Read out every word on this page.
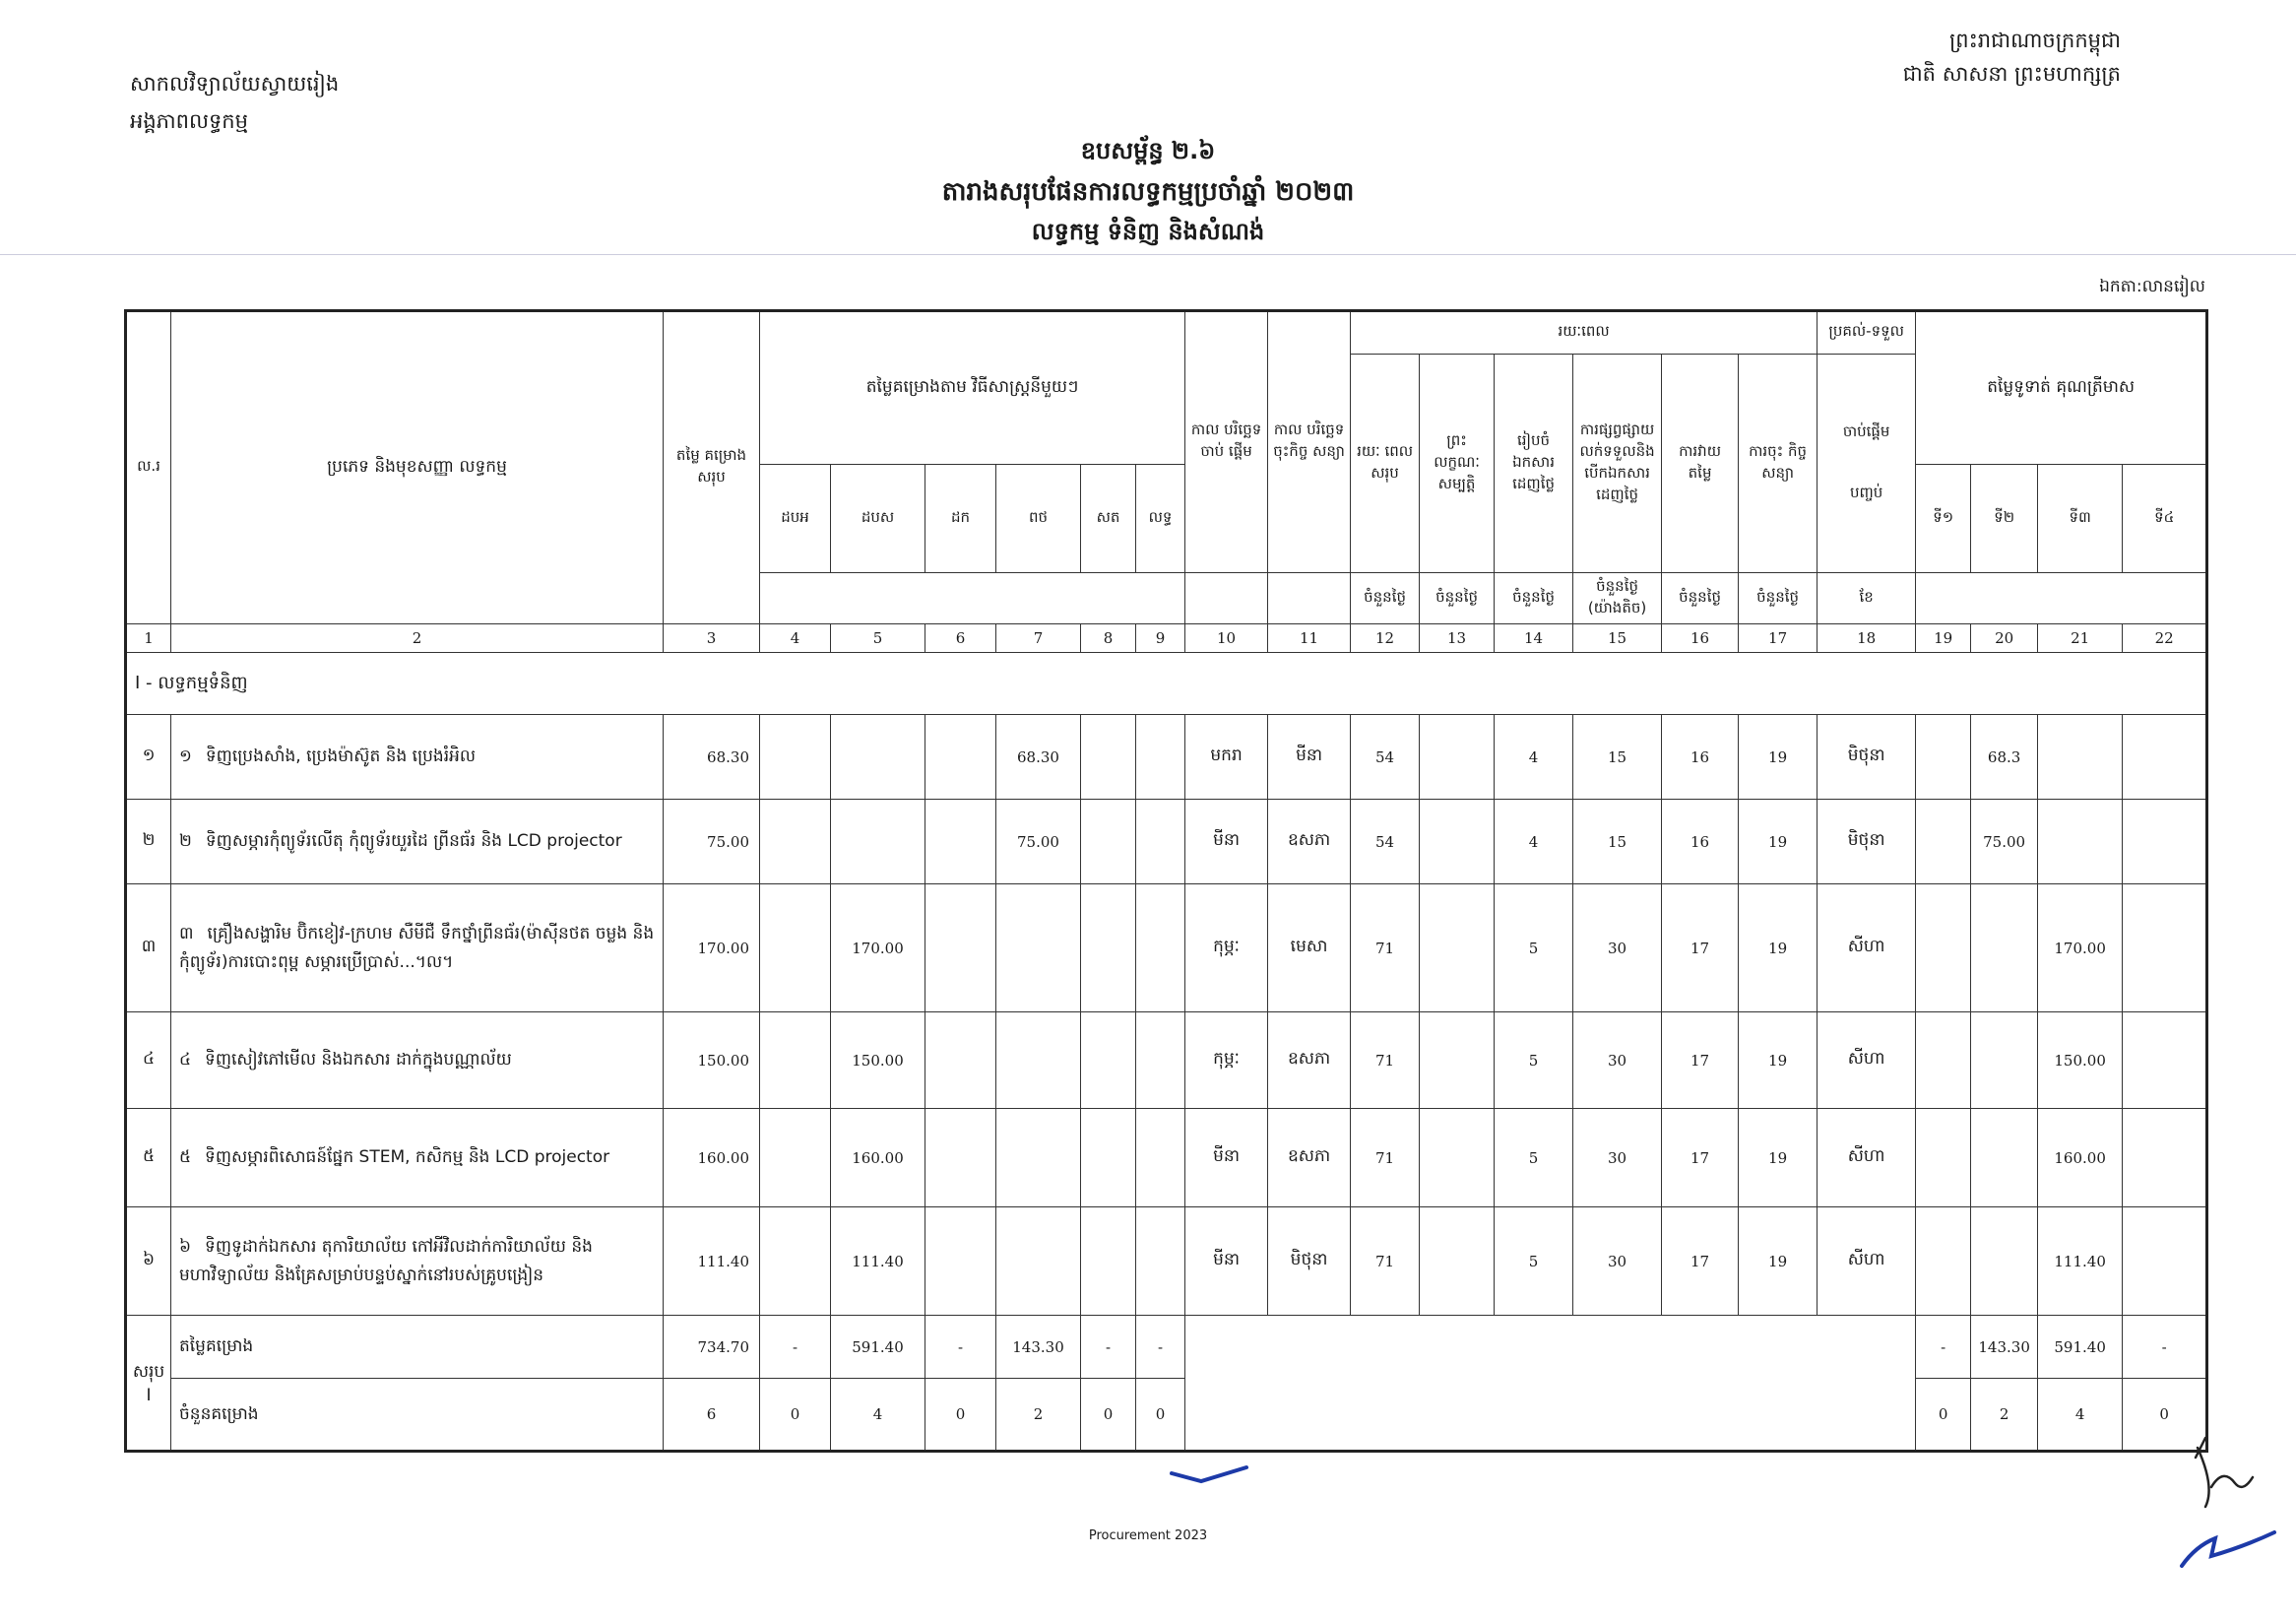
សាកលវិទ្យាល័យស្វាយរៀង
អង្គភាពលទ្ធកម្ម
ព្រះរាជាណាចក្រកម្ពុជា
ជាតិ សាសនា ព្រះមហាក្សត្រ
ឧបសម្ព័ន្ធ ២.៦
តារាងសរុបផែនការលទ្ធកម្មប្រចាំឆ្នាំ ២០២៣
លទ្ធកម្ម ទំនិញ និងសំណង់
ឯកតា:លានរៀល
ល.រ	ប្រភេទ និងមុខសញ្ញា លទ្ធកម្ម	តម្លៃ គម្រោង សរុប	តម្លៃគម្រោងតាម វិធីសាស្ត្រនីមួយៗ						កាល បរិច្ឆេទ ចាប់ ផ្តើម	កាល បរិច្ឆេទ ចុះកិច្ច សន្យា	រយៈពេល						ប្រគល់-ទទួល	តម្លៃទូទាត់ គុណត្រីមាស			
											រយៈ ពេល សរុប	ព្រះ លក្ខណៈ សម្បត្តិ	រៀបចំ ឯកសារ ដេញថ្លៃ	ការផ្សព្វផ្សាយ លក់ទទួលនិង បើកឯកសារ ដេញថ្លៃ	ការវាយ តម្លៃ	ការចុះ កិច្ចសន្យា	ចាប់ផ្តើម
បញ្ចប់				

			ដបអ	ដបស	ដក	ពថ	សត	លទ្ធ										ទី១	ទី២	ទី៣	ទី៤
											ចំនួនថ្ងៃ	ចំនួនថ្ងៃ	ចំនួនថ្ងៃ	ចំនួនថ្ងៃ (យ៉ាងតិច)	ចំនួនថ្ងៃ	ចំនួនថ្ងៃ	ខែ				
1	2	3	4	5	6	7	8	9	10	11	12	13	14	15	16	17	18	19	20	21	22
I - លទ្ធកម្មទំនិញ																					
១	១ ទិញប្រេងសាំង, ប្រេងម៉ាស៊ូត និង ប្រេងរំអិល	68.30				68.30			មករា	មីនា	54		4	15	16	19	មិថុនា		68.3		
២	២ ទិញសម្ភារកុំព្យូទ័រលើតុ កុំព្យូទ័រយួរដៃ ព្រីនធ័រ និង LCD projector	75.00				75.00			មីនា	ឧសភា	54		4	15	16	19	មិថុនា		75.00		
៣	៣ គ្រឿងសង្ហារិម ប៊ិកខៀវ-ក្រហម សឺមីជឺ ទឹកថ្នាំព្រីនធ័រ(ម៉ាស៊ីនថត ចម្លង និង កុំព្យូទ័រ)ការបោះពុម្ព សម្ភារប្រើប្រាស់...។ល។	170.00		170.00					កុម្ភៈ	មេសា	71		5	30	17	19	សីហា			170.00	
៤	៤ ទិញសៀវភៅមើល និងឯកសារ ដាក់ក្នុងបណ្ណាល័យ	150.00		150.00					កុម្ភៈ	ឧសភា	71		5	30	17	19	សីហា			150.00	
៥	៥ ទិញសម្ភារពិសោធន៍ផ្នែក STEM, កសិកម្ម និង LCD projector	160.00		160.00					មីនា	ឧសភា	71		5	30	17	19	សីហា			160.00	
៦	៦ ទិញទូដាក់ឯកសារ តុការិយាល័យ កៅអីវិលដាក់ការិយាល័យ និង មហាវិទ្យាល័យ និងគ្រែសម្រាប់បន្ទប់ស្នាក់នៅរបស់គ្រូបង្រៀន	111.40		111.40					មីនា	មិថុនា	71		5	30	17	19	សីហា			111.40	
សរុប I	តម្លៃគម្រោង	734.70	-	591.40	-	143.30	-	-										-	143.30	591.40	-
	ចំនួនគម្រោង	6	0	4	0	2	0	0										0	2	4	0
Procurement 2023
